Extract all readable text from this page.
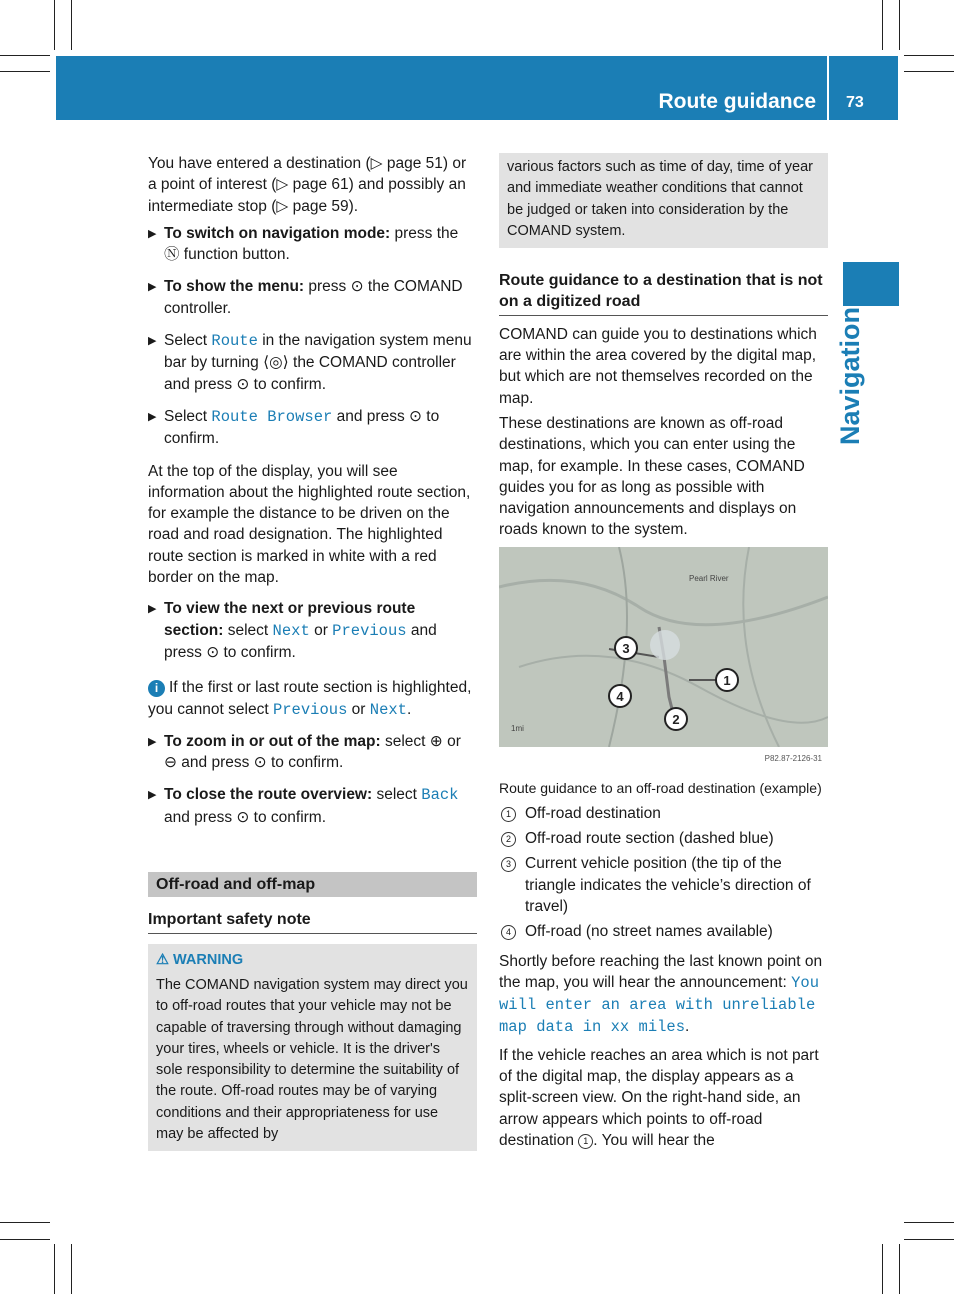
Route guidance 73
Navigation

You have entered a destination (▷ page 51) or a point of interest (▷ page 61) and possibly an intermediate stop (▷ page 59).

▶ To switch on navigation mode: press the Ⓝ function button.
▶ To show the menu: press ⊙ the COMAND controller.
▶ Select Route in the navigation system menu bar by turning ⟨◎⟩ the COMAND controller and press ⊙ to confirm.
▶ Select Route Browser and press ⊙ to confirm.

At the top of the display, you will see information about the highlighted route section, for example the distance to be driven on the road and road designation. The highlighted route section is marked in white with a red border on the map.

▶ To view the next or previous route section: select Next or Previous and press ⊙ to confirm.

i If the first or last route section is highlighted, you cannot select Previous or Next.

▶ To zoom in or out of the map: select ⊕ or ⊖ and press ⊙ to confirm.
▶ To close the route overview: select Back and press ⊙ to confirm.
Off-road and off-map
Important safety note
⚠ WARNING
The COMAND navigation system may direct you to off-road routes that your vehicle may not be capable of traversing through without damaging your tires, wheels or vehicle. It is the driver's sole responsibility to determine the suitability of the route. Off-road routes may be of varying conditions and their appropriateness for use may be affected by
various factors such as time of day, time of year and immediate weather conditions that cannot be judged or taken into consideration by the COMAND system.
Route guidance to a destination that is not on a digitized road

COMAND can guide you to destinations which are within the area covered by the digital map, but which are not themselves recorded on the map.

These destinations are known as off-road destinations, which you can enter using the map, for example. In these cases, COMAND guides you for as long as possible with navigation announcements and displays on roads known to the system.

1
2
3
4
Pearl River
1mi
P82.87-2126-31
Route guidance to an off-road destination (example)
1 Off-road destination
2 Off-road route section (dashed blue)
3 Current vehicle position (the tip of the triangle indicates the vehicle’s direction of travel)
4 Off-road (no street names available)

Shortly before reaching the last known point on the map, you will hear the announcement: You will enter an area with unreliable map data in xx miles.

If the vehicle reaches an area which is not part of the digital map, the display appears as a split-screen view. On the right-hand side, an arrow appears which points to off-road destination 1 . You will hear the
